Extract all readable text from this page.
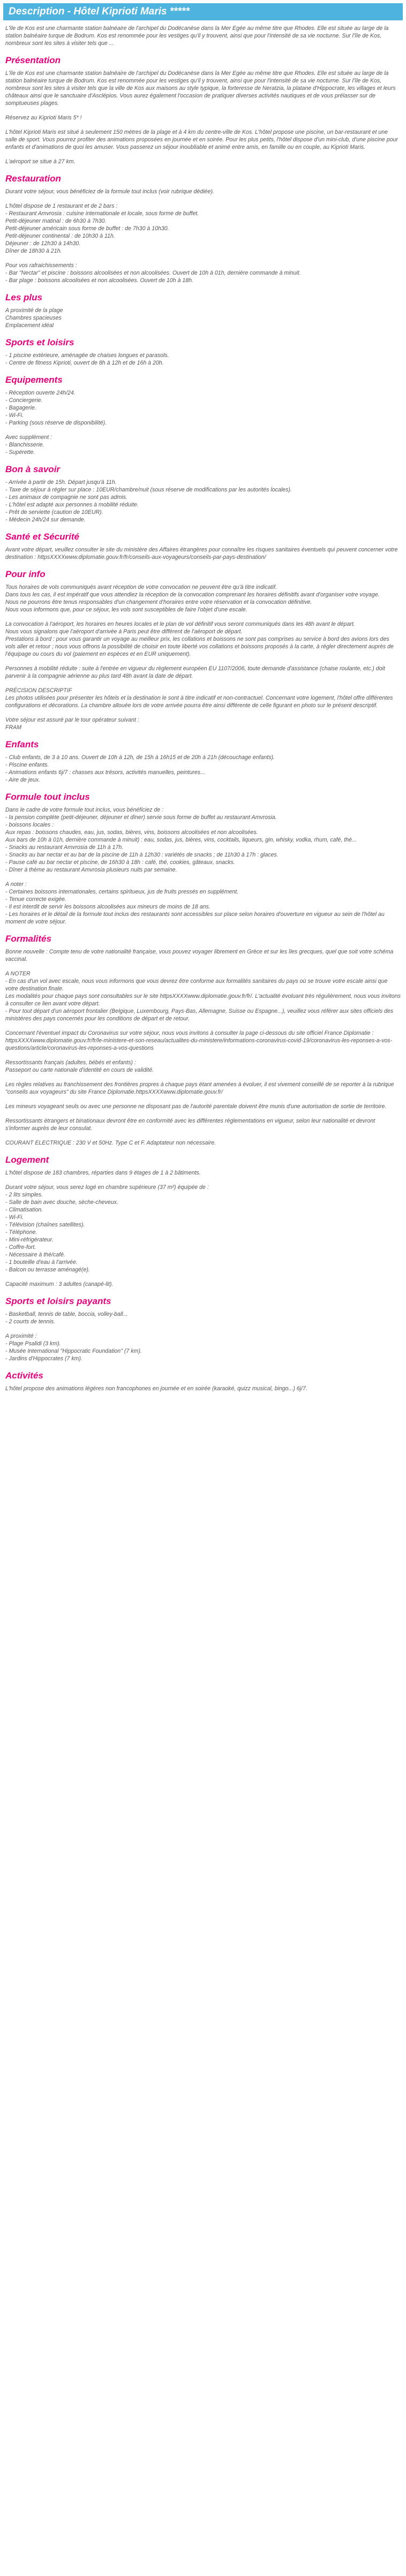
Description - Hôtel Kiprioti Maris *****
L'île de Kos est une charmante station balnéaire de l'archipel du Dodécanèse dans la Mer Egée au même titre que Rhodes. Elle est située au large de la station balnéaire turque de Bodrum. Kos est renommée pour les vestiges qu'il y trouvent, ainsi que pour l'intensité de sa vie nocturne. Sur l'île de Kos, nombreux sont les sites à visiter tels que ...
Présentation
L'île de Kos est une charmante station balnéaire de l'archipel du Dodécanèse dans la Mer Egée au même titre que Rhodes. Elle est située au large de la station balnéaire turque de Bodrum. Kos est renommée pour les vestiges qu'il y trouvent, ainsi que pour l'intensité de sa vie nocturne. Sur l'île de Kos, nombreux sont les sites à visiter tels que la ville de Kos aux maisons au style typique, la forteresse de Neratzia, la platane d'Hippocrate, les villages et leurs châteaux ainsi que le sanctuaire d'Asclépios. Vous aurez également l'occasion de pratiquer diverses activités nautiques et de vous prélasser sur de somptueuses plages.
Réservez au Kiprioti Maris 5* !
L'hôtel Kiprioti Maris est situé à seulement 150 mètres de la plage et à 4 km du centre-ville de Kos. L'hôtel propose une piscine, un bar-restaurant et une salle de sport. Vous pourrez profiter des animations proposées en journée et en soirée. Pour les plus petits, l'hôtel dispose d'un mini-club, d'une piscine pour enfants et d'animations de quoi les amuser. Vous passerez un séjour inoubliable et animé entre amis, en famille ou en couple, au Kiprioti Maris.
L'aéroport se situe à 27 km.
Restauration
Durant votre séjour, vous bénéficiez de la formule tout inclus (voir rubrique dédiée).
L'hôtel dispose de 1 restaurant et de 2 bars :
- Restaurant Amvrosia : cuisine internationale et locale, sous forme de buffet.
Petit-déjeuner matinal : de 6h30 à 7h30.
Petit-déjeuner américain sous forme de buffet : de 7h30 à 10h30.
Petit-déjeuner continental : de 10h30 à 11h.
Déjeuner : de 12h30 à 14h30.
Dîner de 18h30 à 21h.
Pour vos rafraichissements :
- Bar "Nectar" et piscine : boissons alcoolisées et non alcoolisées. Ouvert de 10h à 01h, dernière commande à minuit.
- Bar plage : boissons alcoolisées et non alcoolisées. Ouvert de 10h à 18h.
Les plus
A proximité de la plage
Chambres spacieuses
Emplacement idéal
Sports et loisirs
- 1 piscine extérieure, aménagée de chaises longues et parasols.
- Centre de fitness Kiprioti, ouvert de 8h à 12h et de 16h à 20h.
Equipements
- Réception ouverte 24h/24.
- Conciergerie.
- Bagagerie.
- Wi-Fi.
- Parking (sous réserve de disponibilité).
Avec supplément :
- Blanchisserie.
- Supérette.
Bon à savoir
- Arrivée à partir de 15h. Départ jusqu'à 11h.
- Taxe de séjour à régler sur place : 10EUR/chambre/nuit (sous réserve de modifications par les autorités locales).
- Les animaux de compagnie ne sont pas admis.
- L'hôtel est adapté aux personnes à mobilité réduite.
- Prêt de serviette (caution de 10EUR).
- Médecin 24h/24 sur demande.
Santé et Sécurité
Avant votre départ, veuillez consulter le site du ministère des Affaires étrangères pour connaître les risques sanitaires éventuels qui peuvent concerner votre destination : httpsXXXXwww.diplomatie.gouv.fr/fr/conseils-aux-voyageurs/conseils-par-pays-destination/
Pour info
Tous horaires de vols communiqués avant réception de votre convocation ne peuvent être qu'à titre indicatif.
Dans tous les cas, il est impératif que vous attendiez la réception de la convocation comprenant les horaires définitifs avant d'organiser votre voyage.
Nous ne pourrons être tenus responsables d'un changement d'horaires entre votre réservation et la convocation définitive.
Nous vous informons que, pour ce séjour, les vols sont susceptibles de faire l'objet d'une escale.
La convocation à l'aéroport, les horaires en heures locales et le plan de vol définitif vous seront communiqués dans les 48h avant le départ.
Nous vous signalons que l'aéroport d'arrivée à Paris peut être différent de l'aéroport de départ.
Prestations à bord : pour vous garantir un voyage au meilleur prix, les collations et boissons ne sont pas comprises au service à bord des avions lors des vols aller et retour ; nous vous offrons la possibilité de choisir en toute liberté vos collations et boissons proposés à la carte, à régler directement auprès de l'équipage ou cours du vol (paiement en espèces et en EUR uniquement).
Personnes à mobilité réduite : suite à l'entrée en vigueur du règlement européen EU 1107/2006, toute demande d'assistance (chaise roulante, etc.) doit parvenir à la compagnie aérienne au plus tard 48h avant la date de départ.
PRÉCISION DESCRIPTIF
Les photos utilisées pour présenter les hôtels et la destination le sont à titre indicatif et non-contractuel. Concernant votre logement, l'hôtel offre différentes configurations et décorations. La chambre allouée lors de votre arrivée pourra être ainsi différente de celle figurant en photo sur le présent descriptif.
Votre séjour est assuré par le tour opérateur suivant :
FRAM
Enfants
- Club enfants, de 3 à 10 ans. Ouvert de 10h à 12h, de 15h à 16h15 et de 20h à 21h (découchage enfants).
- Piscine enfants.
- Animations enfants 6j/7 : chasses aux trésors, activités manuelles, peintures...
- Aire de jeux.
Formule tout inclus
Dans le cadre de votre formule tout inclus, vous bénéficiez de :
- la pension complète (petit-déjeuner, déjeuner et dîner) servie sous forme de buffet au restaurant Amvrosia.
- boissons locales :
Aux repas : boissons chaudes, eau, jus, sodas, bières, vins, boissons alcoolisées et non alcoolisées.
Aux bars de 10h à 01h, dernière commande à minuit) : eau, sodas, jus, bières, vins, cocktails, liqueurs, gin, whisky, vodka, rhum, café, thé...
- Snacks au restaurant Amvrosia de 11h à 17h.
- Snacks au bar nectar et au bar de la piscine de 11h à 12h30 : variétés de snacks ; de 11h30 à 17h : glaces.
- Pause café au bar nectar et piscine, de 16h30 à 18h : café, thé, cookies, gâteaux, snacks.
- Dîner à thème au restaurant Amvrosia plusieurs nuits par semaine.
A noter :
- Certaines boissons internationales, certains spiritueux, jus de fruits pressés en supplément.
- Tenue correcte exigée.
- Il est interdit de servir les boissons alcoolisées aux mineurs de moins de 18 ans.
- Les horaires et le détail de la formule tout inclus des restaurants sont accessibles sur place selon horaires d'ouverture en vigueur au sein de l'hôtel au moment de votre séjour.
Formalités
Bonne nouvelle : Compte tenu de votre nationalité française, vous pouvez voyager librement en Grèce et sur les îles grecques, quel que soit votre schéma vaccinal.
A NOTER
- En cas d'un vol avec escale, nous vous informons que vous devrez être conforme aux formalités sanitaires du pays où se trouve votre escale ainsi que votre destination finale.
Les modalités pour chaque pays sont consultables sur le site httpsXXXXwww.diplomatie.gouv.fr/fr/. L'actualité évoluant très régulièrement, nous vous invitons à consulter ce lien avant votre départ.
- Pour tout départ d'un aéroport frontalier (Belgique, Luxembourg, Pays-Bas, Allemagne, Suisse ou Espagne...), veuillez vous référer aux sites officiels des ministères des pays concernés pour les conditions de départ et de retour.
Concernant l'éventuel impact du Coronavirus sur votre séjour, nous vous invitons à consulter la page ci-dessous du site officiel France Diplomatie :
httpsXXXXwww.diplomatie.gouv.fr/fr/le-ministere-et-son-reseau/actualites-du-ministere/informations-coronavirus-covid-19/coronavirus-les-reponses-a-vos-questions/article/coronavirus-les-reponses-a-vos-questions
Ressortissants français (adultes, bébés et enfants) :
Passeport ou carte nationale d'identité en cours de validité.
Les règles relatives au franchissement des frontières propres à chaque pays étant amenées à évoluer, il est vivement conseillé de se reporter à la rubrique "conseils aux voyageurs" du site France Diplomatie.httpsXXXXwww.diplomatie.gouv.fr/
Les mineurs voyageant seuls ou avec une personne ne disposant pas de l'autorité parentale doivent être munis d'une autorisation de sortie de territoire.
Ressortissants étrangers et binationaux devront être en conformité avec les différentes réglementations en vigueur, selon leur nationalité et devront s'informer auprès de leur consulat.
COURANT ELECTRIQUE : 230 V et 50Hz. Type C et F. Adaptateur non nécessaire.
Logement
L'hôtel dispose de 183 chambres, réparties dans 9 étages de 1 à 2 bâtiments.
Durant votre séjour, vous serez logé en chambre supérieure (37 m²) équipée de :
- 2 lits simples.
- Salle de bain avec douche, sèche-cheveux.
- Climatisation.
- Wi-Fi.
- Télévision (chaînes satellites).
- Téléphone.
- Mini-réfrigérateur.
- Coffre-fort.
- Nécessaire à thé/café.
- 1 bouteille d'eau à l'arrivée.
- Balcon ou terrasse aménagé(e).
Capacité maximum : 3 adultes (canapé-lit).
Sports et loisirs payants
- Basketball, tennis de table, boccia, volley-ball...
- 2 courts de tennis.
A proximité :
- Plage Psalidi (3 km).
- Musée International "Hippocratic Foundation" (7 km).
- Jardins d'Hippocrates (7 km).
Activités
L'hôtel propose des animations légères non francophones en journée et en soirée (karaoké, quizz musical, bingo...) 6j/7.
